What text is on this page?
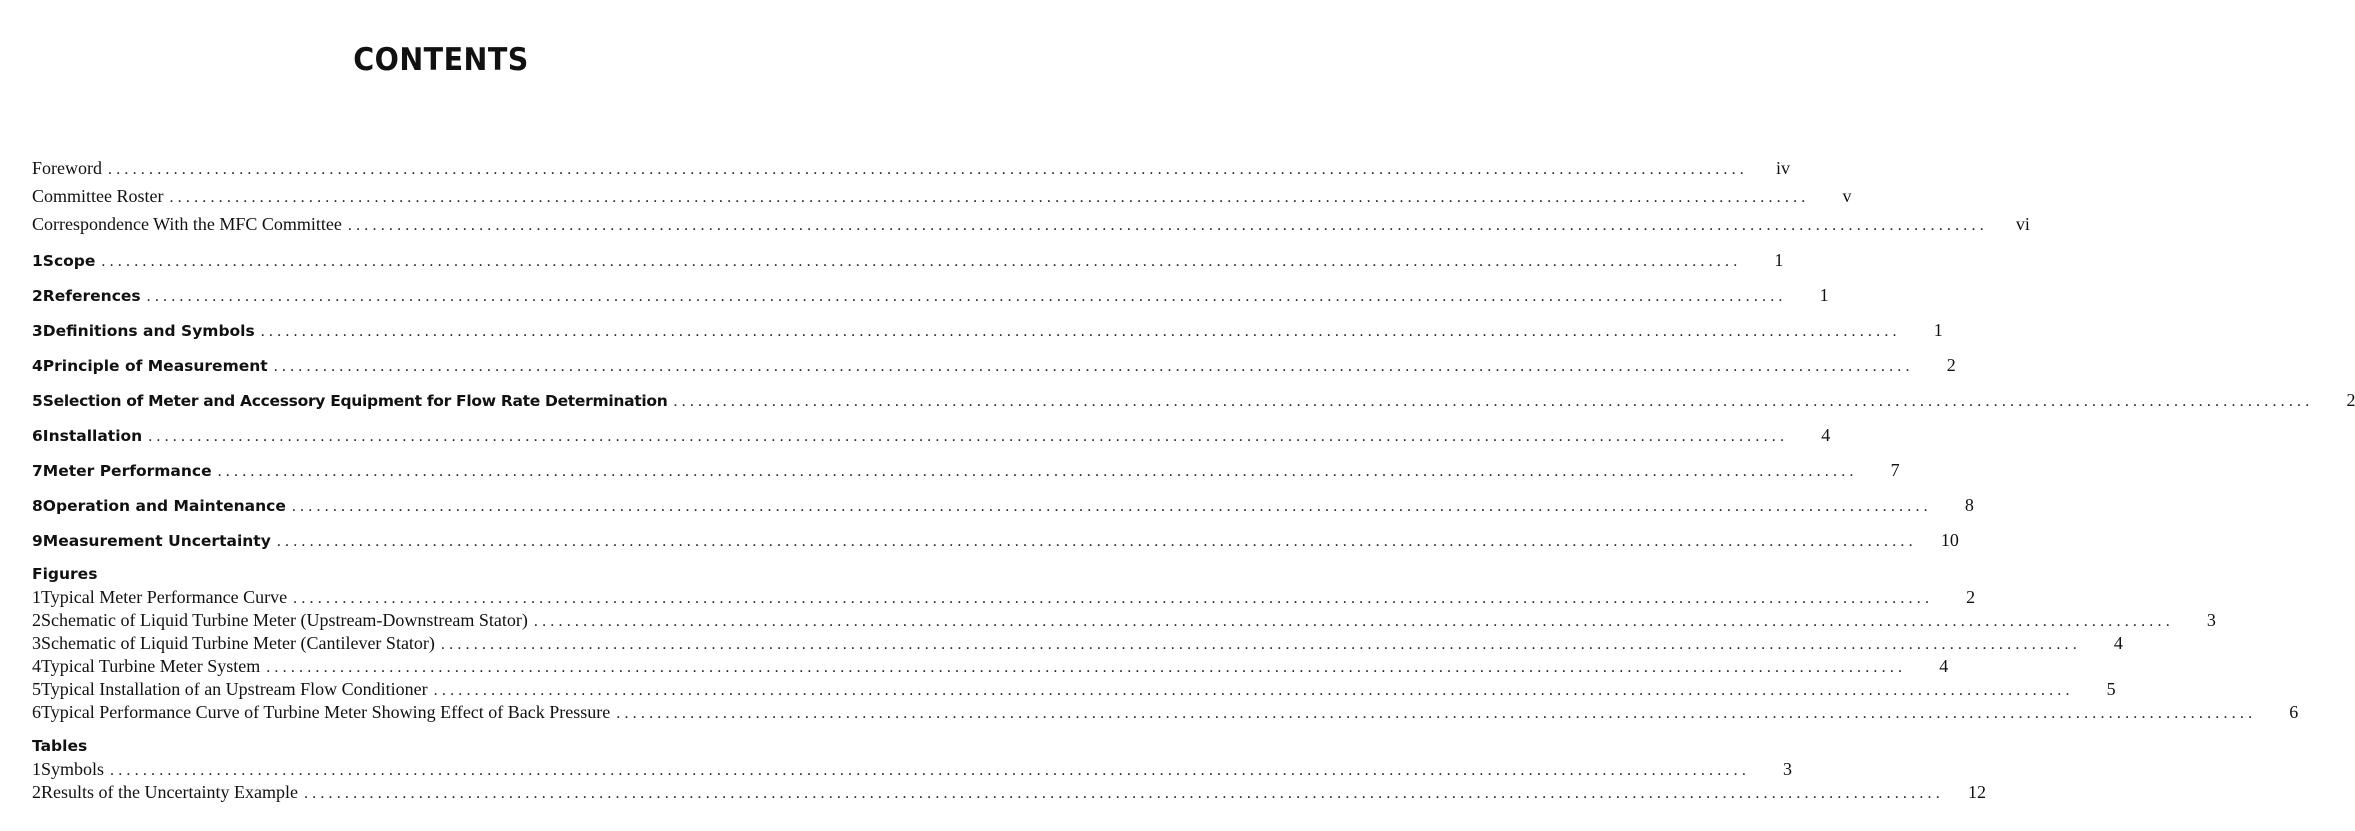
CONTENTS
Foreword ........................................................................................................................................................................................................	iv
Committee Roster ........................................................................................................................................................................................................	v
Correspondence With the MFC Committee ........................................................................................................................................................................................................	vi
1 Scope ........................................................................................................................................................................................................	1
2 References ........................................................................................................................................................................................................	1
3 Definitions and Symbols ........................................................................................................................................................................................................	1
4 Principle of Measurement ........................................................................................................................................................................................................	2
5 Selection of Meter and Accessory Equipment for Flow Rate Determination ........................................................................................................................................................................................................	2
6 Installation ........................................................................................................................................................................................................	4
7 Meter Performance ........................................................................................................................................................................................................	7
8 Operation and Maintenance ........................................................................................................................................................................................................	8
9 Measurement Uncertainty ........................................................................................................................................................................................................ 10
Figures
1 Typical Meter Performance Curve ........................................................................................................................................................................................................	2
2 Schematic of Liquid Turbine Meter (Upstream-Downstream Stator) ........................................................................................................................................................................................................	3
3 Schematic of Liquid Turbine Meter (Cantilever Stator) ........................................................................................................................................................................................................	4
4 Typical Turbine Meter System ........................................................................................................................................................................................................	4
5 Typical Installation of an Upstream Flow Conditioner ........................................................................................................................................................................................................	5
6 Typical Performance Curve of Turbine Meter Showing Effect of Back Pressure ........................................................................................................................................................................................................	6
Tables
1 Symbols ........................................................................................................................................................................................................	3
2 Results of the Uncertainty Example ........................................................................................................................................................................................................ 12
